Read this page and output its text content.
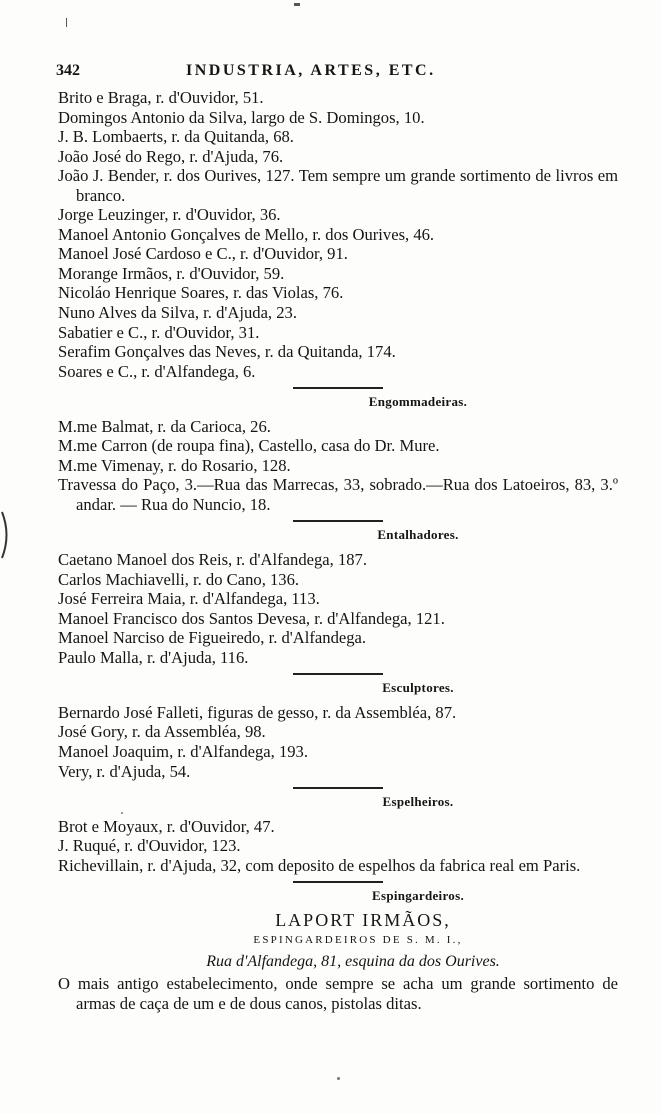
342	INDUSTRIA, ARTES, ETC.

Brito e Braga, r. d'Ouvidor, 51.

Domingos Antonio da Silva, largo de S. Domingos, 10.

J. B. Lombaerts, r. da Quitanda, 68.

João José do Rego, r. d'Ajuda, 76.

João J. Bender, r. dos Ourives, 127. Tem sempre um grande sortimento de livros em branco.

Jorge Leuzinger, r. d'Ouvidor, 36.

Manoel Antonio Gonçalves de Mello, r. dos Ourives, 46.

Manoel José Cardoso e C., r. d'Ouvidor, 91.

Morange Irmãos, r. d'Ouvidor, 59.

Nicoláo Henrique Soares, r. das Violas, 76.

Nuno Alves da Silva, r. d'Ajuda, 23.

Sabatier e C., r. d'Ouvidor, 31.

Serafim Gonçalves das Neves, r. da Quitanda, 174.

Soares e C., r. d'Alfandega, 6.

Engommadeiras.

M.me Balmat, r. da Carioca, 26.

M.me Carron (de roupa fina), Castello, casa do Dr. Mure.

M.me Vimenay, r. do Rosario, 128.

Travessa do Paço, 3.—Rua das Marrecas, 33, sobrado.—Rua dos Latoeiros, 83, 3.º andar. — Rua do Nuncio, 18.

Entalhadores.

Caetano Manoel dos Reis, r. d'Alfandega, 187.

Carlos Machiavelli, r. do Cano, 136.

José Ferreira Maia, r. d'Alfandega, 113.

Manoel Francisco dos Santos Devesa, r. d'Alfandega, 121.

Manoel Narciso de Figueiredo, r. d'Alfandega.

Paulo Malla, r. d'Ajuda, 116.

Esculptores.

Bernardo José Falleti, figuras de gesso, r. da Assembléa, 87.

José Gory, r. da Assembléa, 98.

Manoel Joaquim, r. d'Alfandega, 193.

Very, r. d'Ajuda, 54.

Espelheiros.

Brot e Moyaux, r. d'Ouvidor, 47.

J. Ruqué, r. d'Ouvidor, 123.

Richevillain, r. d'Ajuda, 32, com deposito de espelhos da fabrica real em Paris.

Espingardeiros.

LAPORT IRMÃOS,

ESPINGARDEIROS DE S. M. I.,

Rua d'Alfandega, 81, esquina da dos Ourives.

O mais antigo estabelecimento, onde sempre se acha um grande sortimento de armas de caça de um e de dous canos, pistolas ditas.
